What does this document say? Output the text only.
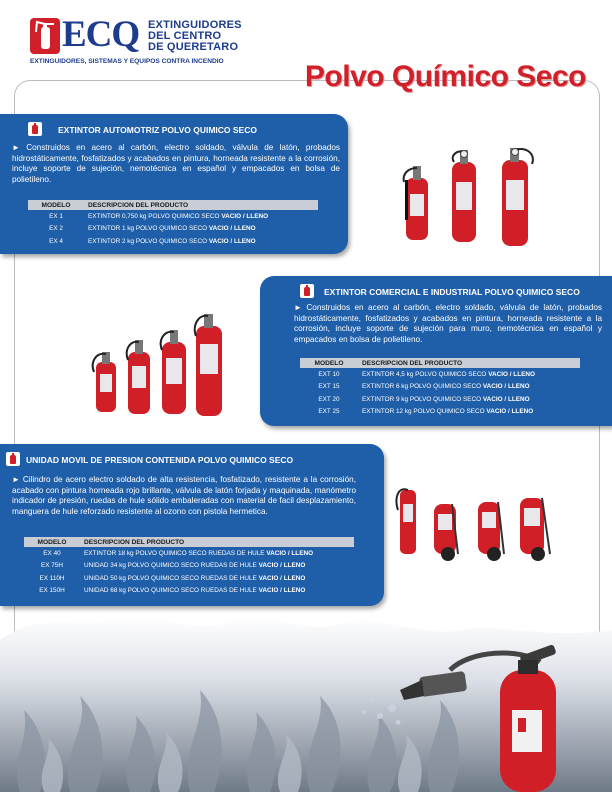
ECQ EXTINGUIDORES
DEL CENTRO
DE QUERETARO
EXTINGUIDORES, SISTEMAS Y EQUIPOS CONTRA INCENDIO	Polvo Químico Seco
EXTINTOR AUTOMOTRIZ POLVO QUIMICO SECO
► Construidos en acero al carbón, electro soldado, válvula de latón, probados hidrostáticamente, fosfatizados y acabados en pintura, horneada resistente a la corrosión, incluye soporte de sujeción, nemotécnica en español y empacados en bolsa de polietileno.
MODELO	DESCRIPCION DEL PRODUCTO
EX 1	EXTINTOR 0,750 kg POLVO QUIMICO SECO VACIO / LLENO
EX 2	EXTINTOR 1 kg POLVO QUIMICO SECO VACIO / LLENO
EX 4	EXTINTOR 2 kg POLVO QUIMICO SECO VACIO / LLENO
EXTINTOR COMERCIAL E INDUSTRIAL POLVO QUIMICO SECO
► Construidos en acero al carbón, electro soldado, válvula de latón, probados hidrostáticamente, fosfatizados y acabados en pintura, horneada resistente a la corrosión, incluye soporte de sujeción para muro, nemotécnica en español y empacados en bolsa de polietileno.
MODELO	DESCRIPCION DEL PRODUCTO
EXT 10	EXTINTOR 4,5 kg POLVO QUIMICO SECO VACIO / LLENO
EXT 15	EXTINTOR 6 kg POLVO QUIMICO SECO VACIO / LLENO
EXT 20	EXTINTOR 9 kg POLVO QUIMICO SECO VACIO / LLENO
EXT 25	EXTINTOR 12 kg POLVO QUIMICO SECO VACIO / LLENO
UNIDAD MOVIL DE PRESION CONTENIDA POLVO QUIMICO SECO
► Cilindro de acero electro soldado de alta resistencia, fosfatizado, resistente a la corrosión, acabado con pintura horneada rojo brillante, válvula de latón forjada y maquinada, manómetro indicador de presión, ruedas de hule sólido embaleradas con material de facil desplazamiento, manguera de hule reforzado resistente al ozono con pistola hermetica.
MODELO	DESCRIPCION DEL PRODUCTO
EX 40	EXTINTOR 18 kg POLVO QUIMICO SECO RUEDAS DE HULE VACIO / LLENO
EX 75H	UNIDAD 34 kg POLVO QUIMICO SECO RUEDAS DE HULE VACIO / LLENO
EX 110H	UNIDAD 50 kg POLVO QUIMICO SECO RUEDAS DE HULE VACIO / LLENO
EX 150H	UNIDAD 68 kg POLVO QUIMICO SECO RUEDAS DE HULE VACIO / LLENO
